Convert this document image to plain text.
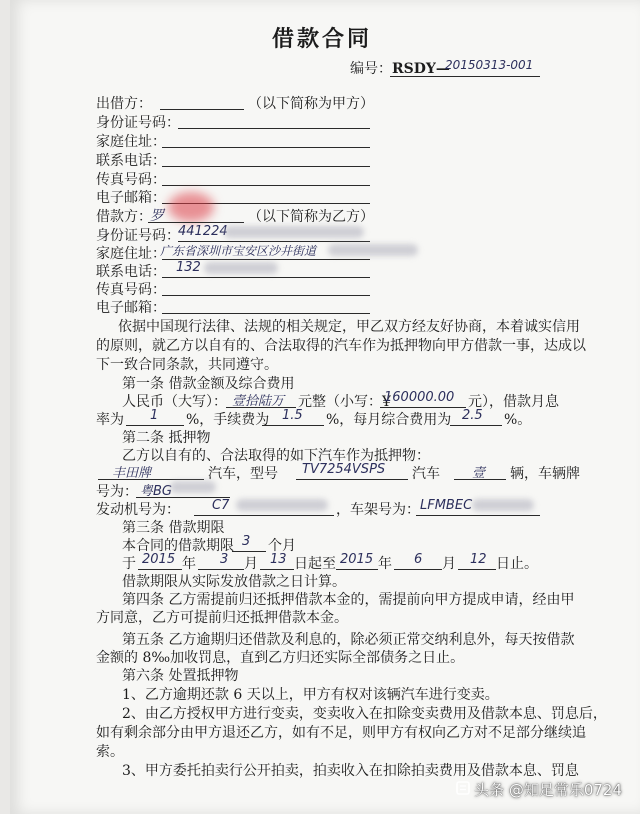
借款合同
编号： RSDY—
20150313-001
出借方：	（以下简称为甲方）
身份证号码：
家庭住址：
联系电话：
传真号码：
电子邮箱：
借款方：
罗	（以下简称为乙方）
身份证号码：
441224
家庭住址：
广东省深圳市宝安区沙井街道
联系电话： 132
传真号码：
电子邮箱：
依据中国现行法律、法规的相关规定，甲乙双方经友好协商，本着诚实信用
的原则，就乙方以自有的、合法取得的汽车作为抵押物向甲方借款一事，达成以
下一致合同条款，共同遵守。
第一条 借款金额及综合费用
人民币（大写）： 壹拾陆万 元整（小写：¥
160000.00 元），借款月息
率为 1 %，手续费为 1.5 %，每月综合费用为 2.5 %。
第二条 抵押物
乙方以自有的、合法取得的如下汽车作为抵押物：
丰田牌	汽车，型号 TV7254VSPS 汽车 壹 辆，车辆牌
号为： 粤BG
发动机号为： C7	，车架号为： LFMBEC
第三条 借款期限
本合同的借款期限 3 个月
于 2015 年 3 月 13 日起至 2015 年 6 月 12 日止。
借款期限从实际发放借款之日计算。
第四条 乙方需提前归还抵押借款本金的，需提前向甲方提成申请，经由甲
方同意，乙方可提前归还抵押借款本金。
第五条 乙方逾期归还借款及利息的，除必须正常交纳利息外，每天按借款
金额的 8‰加收罚息，直到乙方归还实际全部债务之日止。
第六条 处置抵押物
1、乙方逾期还款 6 天以上，甲方有权对该辆汽车进行变卖。
2、由乙方授权甲方进行变卖，变卖收入在扣除变卖费用及借款本息、罚息后，
如有剩余部分由甲方退还乙方，如有不足，则甲方有权向乙方对不足部分继续追
索。
3、甲方委托拍卖行公开拍卖，拍卖收入在扣除拍卖费用及借款本息、罚息
头条 @知足常乐0724
